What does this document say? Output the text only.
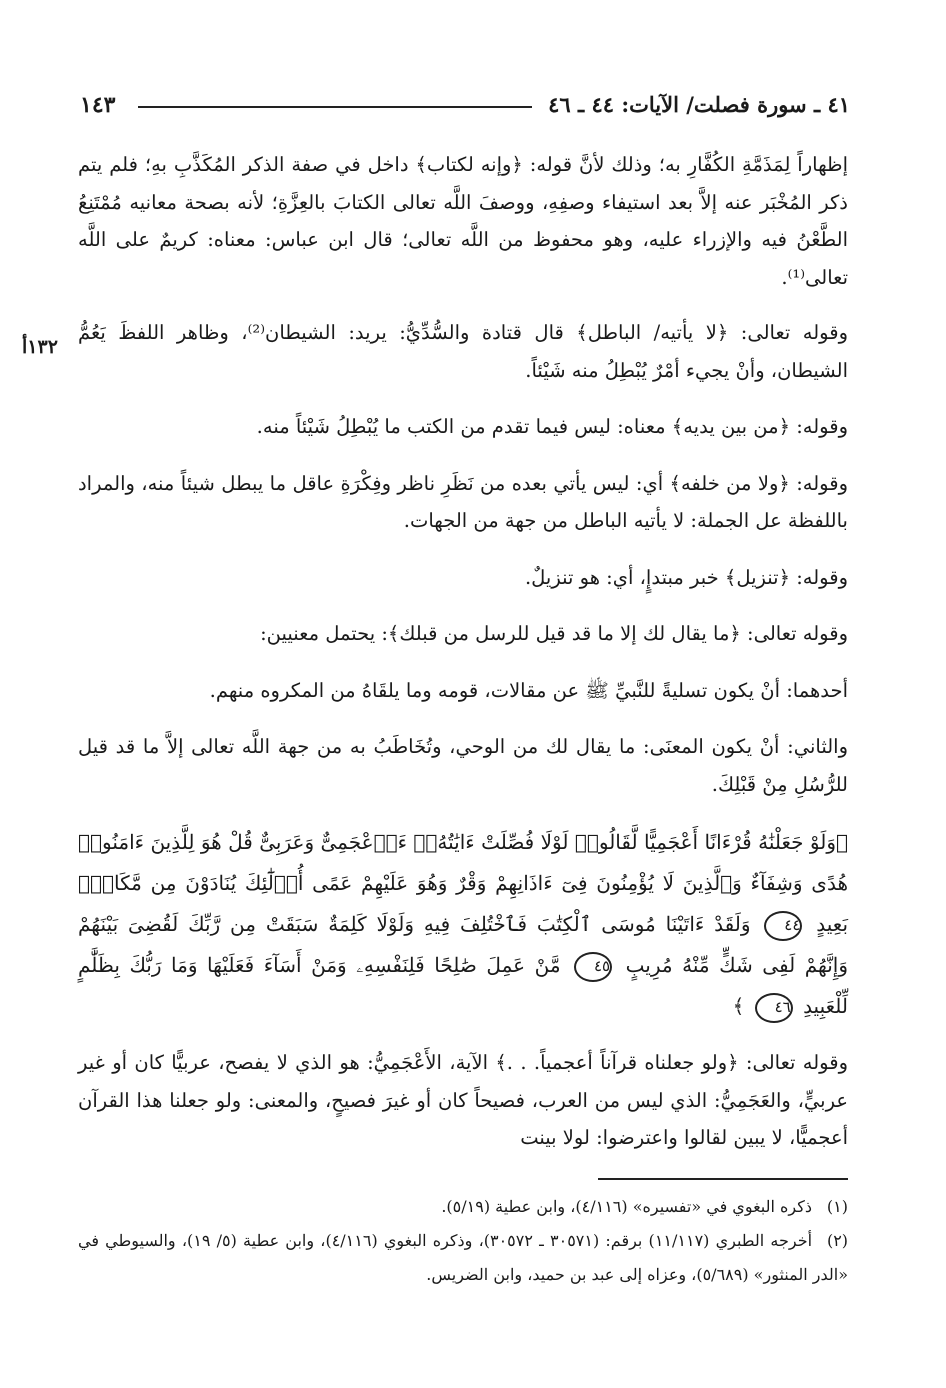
٤١ ـ سورة فصلت/ الآيات: ٤٤ ـ ٤٦
١٤٣
١٣٢أ

إظهاراً لِمَذَمَّةِ الكُفَّارِ به؛ وذلك لأنَّ قوله: ﴿وإنه لكتاب﴾ داخل في صفة الذكر المُكَذَّبِ بهِ؛ فلم يتم ذكر المُخْبَر عنه إلاَّ بعد استيفاء وصفِهِ، ووصفَ اللَّه تعالى الكتابَ بالعِزَّةِ؛ لأنه بصحة معانيه مُمْتَنِعُ الطَّعْنُ فيه والإزراء عليه، وهو محفوظ من اللَّه تعالى؛ قال ابن عباس: معناه: كريمٌ على اللَّه تعالى⁽¹⁾.

وقوله تعالى: ﴿لا يأتيه/ الباطل﴾ قال قتادة والسُّدِّيُّ: يريد: الشيطان⁽²⁾، وظاهر اللفظَ يَعُمُّ الشيطان، وأنْ يجيء أمْرٌ يُبْطِلُ منه شَيْئاً.

وقوله: ﴿من بين يديه﴾ معناه: ليس فيما تقدم من الكتب ما يُبْطِلُ شَيْئاً منه.

وقوله: ﴿ولا من خلفه﴾ أي: ليس يأتي بعده من نَظَرِ ناظر وفِكْرَةِ عاقل ما يبطل شيئاً منه، والمراد باللفظة عل الجملة: لا يأتيه الباطل من جهة من الجهات.

وقوله: ﴿تنزيل﴾ خبر مبتدإٍ، أي: هو تنزيلٌ.

وقوله تعالى: ﴿ما يقال لك إلا ما قد قيل للرسل من قبلك﴾: يحتمل معنيين:

أحدهما: أنْ يكون تسليةً للنَّبيِّ ﷺ عن مقالات، قومه وما يلقَاهُ من المكروه منهم.

والثاني: أنْ يكون المعنَى: ما يقال لك من الوحي، وتُخَاطَبُ به من جهة اللَّه تعالى إلاَّ ما قد قيل للرُّسُلِ مِنْ قَبْلِكَ.

﴿وَلَوْ جَعَلْنَٰهُ قُرْءَانًا أَعْجَمِيًّا لَّقَالُوا۟ لَوْلَا فُصِّلَتْ ءَايَٰتُهُۥٓ ءَا۬عْجَمِىٌّ وَعَرَبِىٌّ قُلْ هُوَ لِلَّذِينَ ءَامَنُوا۟ هُدًى وَشِفَآءٌ وَٱلَّذِينَ لَا يُؤْمِنُونَ فِىٓ ءَاذَانِهِمْ وَقْرٌ وَهُوَ عَلَيْهِمْ عَمًى أُو۟لَٰٓئِكَ يُنَادَوْنَ مِن مَّكَانٍۭ بَعِيدٍ ٤٤ وَلَقَدْ ءَاتَيْنَا مُوسَى ٱلْكِتَٰبَ فَٱخْتُلِفَ فِيهِ وَلَوْلَا كَلِمَةٌ سَبَقَتْ مِن رَّبِّكَ لَقُضِىَ بَيْنَهُمْ وَإِنَّهُمْ لَفِى شَكٍّ مِّنْهُ مُرِيبٍ ٤٥ مَّنْ عَمِلَ صَٰلِحًا فَلِنَفْسِهِۦ وَمَنْ أَسَآءَ فَعَلَيْهَا وَمَا رَبُّكَ بِظَلَّٰمٍ لِّلْعَبِيدِ ٤٦ ﴾

وقوله تعالى: ﴿ولو جعلناه قرآناً أعجمياً. . .﴾ الآية، الأَعْجَمِيُّ: هو الذي لا يفصح، عربيًّا كان أو غير عربيٍّ، والعَجَمِيُّ: الذي ليس من العرب، فصيحاً كان أو غيرَ فصيحٍ، والمعنى: ولو جعلنا هذا القرآن أعجميًّا، لا يبين لقالوا واعترضوا: لولا بينت

(١)ذكره البغوي في «تفسيره» (٤/١١٦)، وابن عطية (٥/١٩).

(٢)أخرجه الطبري (١١/١١٧) برقم: (٣٠٥٧١ ـ ٣٠٥٧٢)، وذكره البغوي (٤/١١٦)، وابن عطية (٥/ ١٩)، والسيوطي في «الدر المنثور» (٥/٦٨٩)، وعزاه إلى عبد بن حميد، وابن الضريس.
